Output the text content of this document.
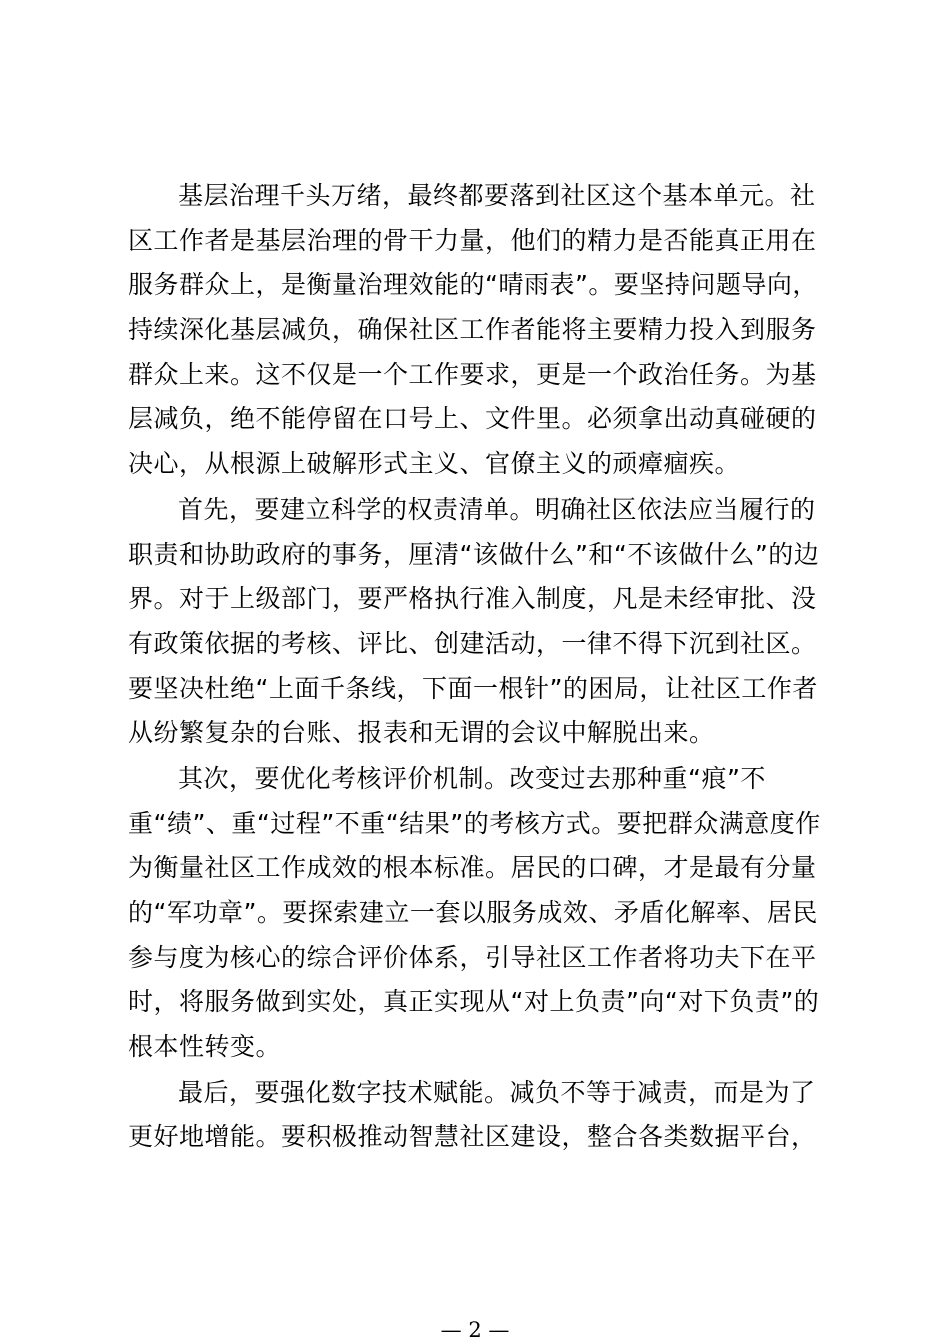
基层治理千头万绪，最终都要落到社区这个基本单元。社
区工作者是基层治理的骨干力量，他们的精力是否能真正用在
服务群众上，是衡量治理效能的“晴雨表”。要坚持问题导向，
持续深化基层减负，确保社区工作者能将主要精力投入到服务
群众上来。这不仅是一个工作要求，更是一个政治任务。为基
层减负，绝不能停留在口号上、文件里。必须拿出动真碰硬的
决心，从根源上破解形式主义、官僚主义的顽瘴痼疾。
首先，要建立科学的权责清单。明确社区依法应当履行的
职责和协助政府的事务，厘清“该做什么”和“不该做什么”的边
界。对于上级部门，要严格执行准入制度，凡是未经审批、没
有政策依据的考核、评比、创建活动，一律不得下沉到社区。
要坚决杜绝“上面千条线，下面一根针”的困局，让社区工作者
从纷繁复杂的台账、报表和无谓的会议中解脱出来。
其次，要优化考核评价机制。改变过去那种重“痕”不
重“绩”、重“过程”不重“结果”的考核方式。要把群众满意度作
为衡量社区工作成效的根本标准。居民的口碑，才是最有分量
的“军功章”。要探索建立一套以服务成效、矛盾化解率、居民
参与度为核心的综合评价体系，引导社区工作者将功夫下在平
时，将服务做到实处，真正实现从“对上负责”向“对下负责”的
根本性转变。
最后，要强化数字技术赋能。减负不等于减责，而是为了
更好地增能。要积极推动智慧社区建设，整合各类数据平台，
— 2 —
